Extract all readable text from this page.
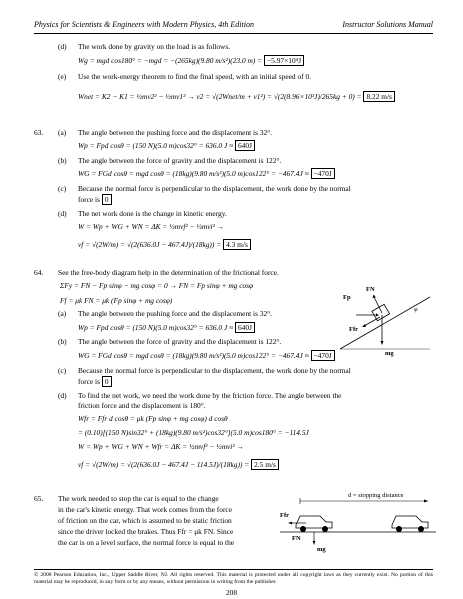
Physics for Scientists & Engineers with Modern Physics, 4th Edition	Instructor Solutions Manual
(d) The work done by gravity on the load is as follows.
Wg = mgd cos180° = −mgd = −(265kg)(9.80 m/s²)(23.0 m) = −5.97×10⁴J
(e) Use the work-energy theorem to find the final speed, with an initial speed of 0.
Wnet = K2 − K1 = ½mv2² − ½mv1² → v2 = √(2Wnet/m + v1²) = √(2(8.96×10³J)/265kg + 0) = 8.22 m/s
63. (a) The angle between the pushing force and the displacement is 32°.
Wp = Fpd cosθ = (150 N)(5.0 m)cos32° = 636.0 J ≈ 640J
(b) The angle between the force of gravity and the displacement is 122°.
WG = FGd cosθ = mgd cosθ = (18kg)(9.80 m/s²)(5.0 m)cos122° = −467.4J ≈ −470J
(c) Because the normal force is perpendicular to the displacement, the work done by the normal
force is 0
(d) The net work done is the change in kinetic energy.
W = Wp + WG + WN = ΔK = ½mvf² − ½mvi² →
vf = √(2W/m) = √(2(636.0J − 467.4J)/(18kg)) = 4.3 m/s
64. See the free-body diagram help in the determination of the frictional force.
ΣFy = FN − Fp sinφ − mg cosφ = 0 → FN = Fp sinφ + mg cosφ
Ff = μk FN = μk (Fp sinφ + mg cosφ)
(a) The angle between the pushing force and the displacement is 32°.
Wp = Fpd cosθ = (150 N)(5.0 m)cos32° = 636.0 J ≈ 640J
(b) The angle between the force of gravity and the displacement is 122°.
WG = FGd cosθ = mgd cosθ = (18kg)(9.80 m/s²)(5.0 m)cos122° = −467.4J ≈ −470J
(c) Because the normal force is perpendicular to the displacement, the work done by the normal
force is 0
(d) To find the net work, we need the work done by the friction force. The angle between the
friction force and the displacement is 180°.
Wfr = Ffr d cosθ = μk (Fp sinφ + mg cosφ) d cosθ
= (0.10)[(150 N)sin32° + (18kg)(9.80 m/s²)cos32°](5.0 m)cos180° = −114.5J
W = Wp + WG + WN + Wfr = ΔK = ½mvf² − ½mvi² →
vf = √(2W/m) = √(2(636.0J − 467.4J − 114.5J)/(18kg)) = 2.5 m/s
Fp
Ffr
FN
mg
φ
65. The work needed to stop the car is equal to the change
in the car's kinetic energy. That work comes from the force
of friction on the car, which is assumed to be static friction
since the driver locked the brakes. Thus Ffr = μk FN. Since
the car is on a level surface, the normal force is equal to the
d = stopping distance
Ffr
mg
FN
© 2008 Pearson Education, Inc., Upper Saddle River, NJ. All rights reserved. This material is protected under all copyright laws as they currently exist. No portion of this material may be reproduced, in any form or by any means, without permission in writing from the publisher.
208
